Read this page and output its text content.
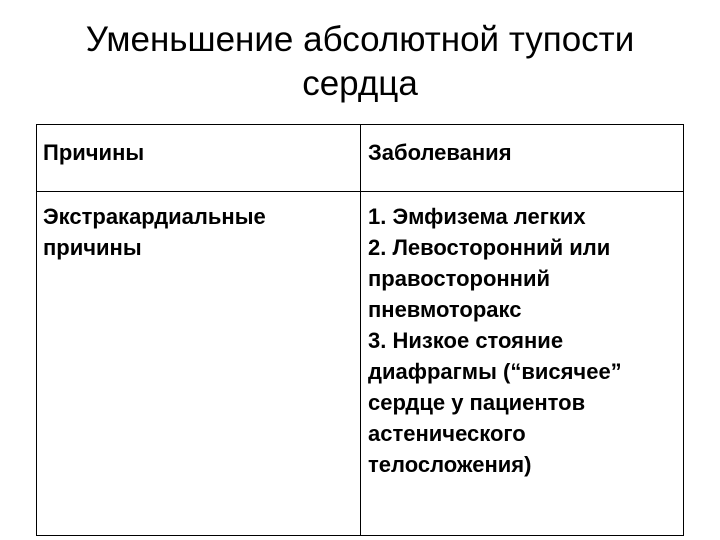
Уменьшение абсолютной тупости
сердца
Причины	Заболевания
Экстракардиальные причины
1. Эмфизема легких
2. Левосторонний или правосторонний пневмоторакс
3. Низкое стояние диафрагмы (“висячее” сердце у пациентов астенического телосложения)
